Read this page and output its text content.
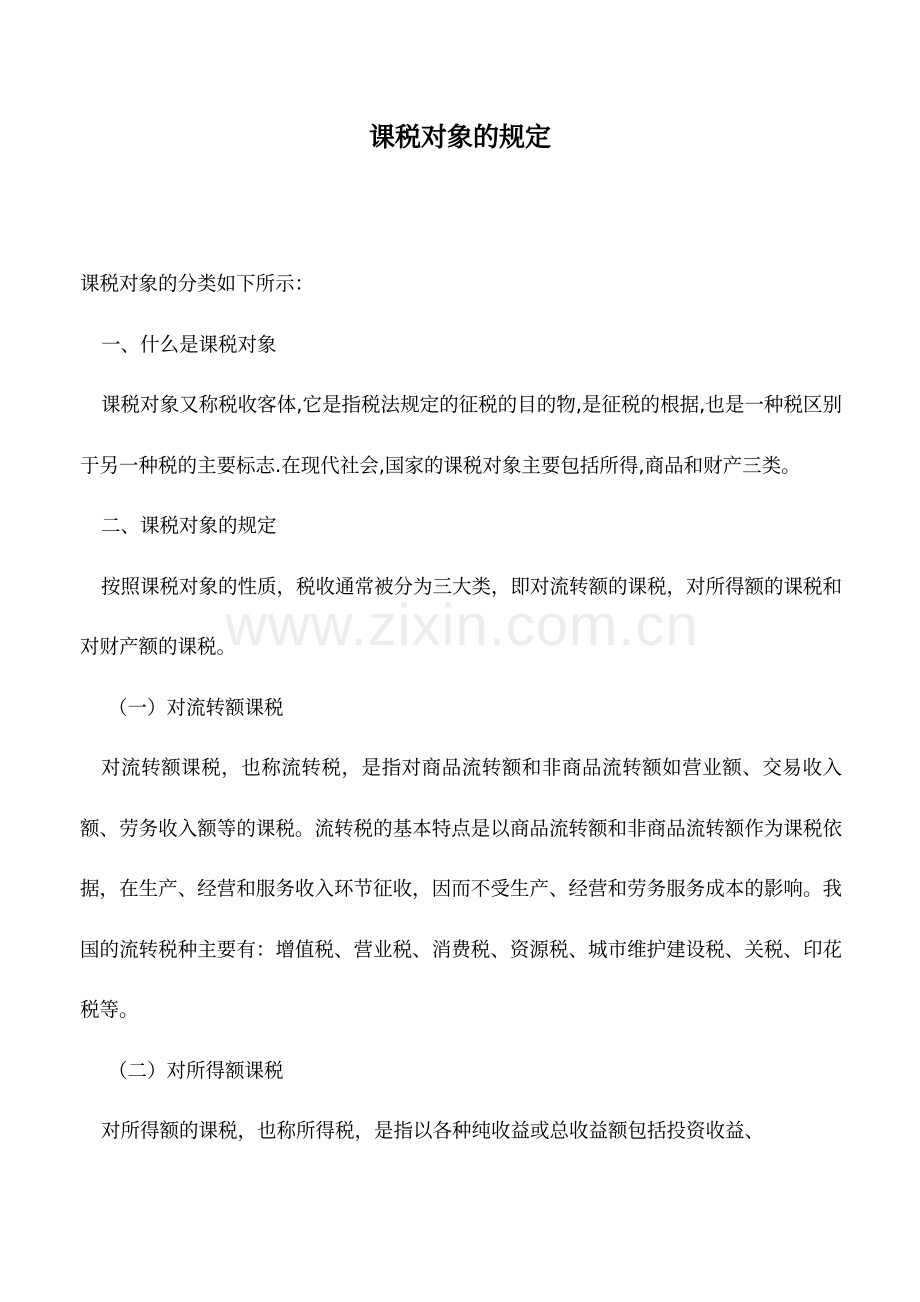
www.zixin.com.cn
课税对象的规定

课税对象的分类如下所示：

一、什么是课税对象

课税对象又称税收客体,它是指税法规定的征税的目的物,是征税的根据,也是一种税区别于另一种税的主要标志.在现代社会,国家的课税对象主要包括所得,商品和财产三类。

二、课税对象的规定

按照课税对象的性质，税收通常被分为三大类，即对流转额的课税，对所得额的课税和对财产额的课税。

（一）对流转额课税

对流转额课税，也称流转税，是指对商品流转额和非商品流转额如营业额、交易收入额、劳务收入额等的课税。流转税的基本特点是以商品流转额和非商品流转额作为课税依据，在生产、经营和服务收入环节征收，因而不受生产、经营和劳务服务成本的影响。我国的流转税种主要有：增值税、营业税、消费税、资源税、城市维护建设税、关税、印花税等。

（二）对所得额课税

对所得额的课税，也称所得税，是指以各种纯收益或总收益额包括投资收益、
